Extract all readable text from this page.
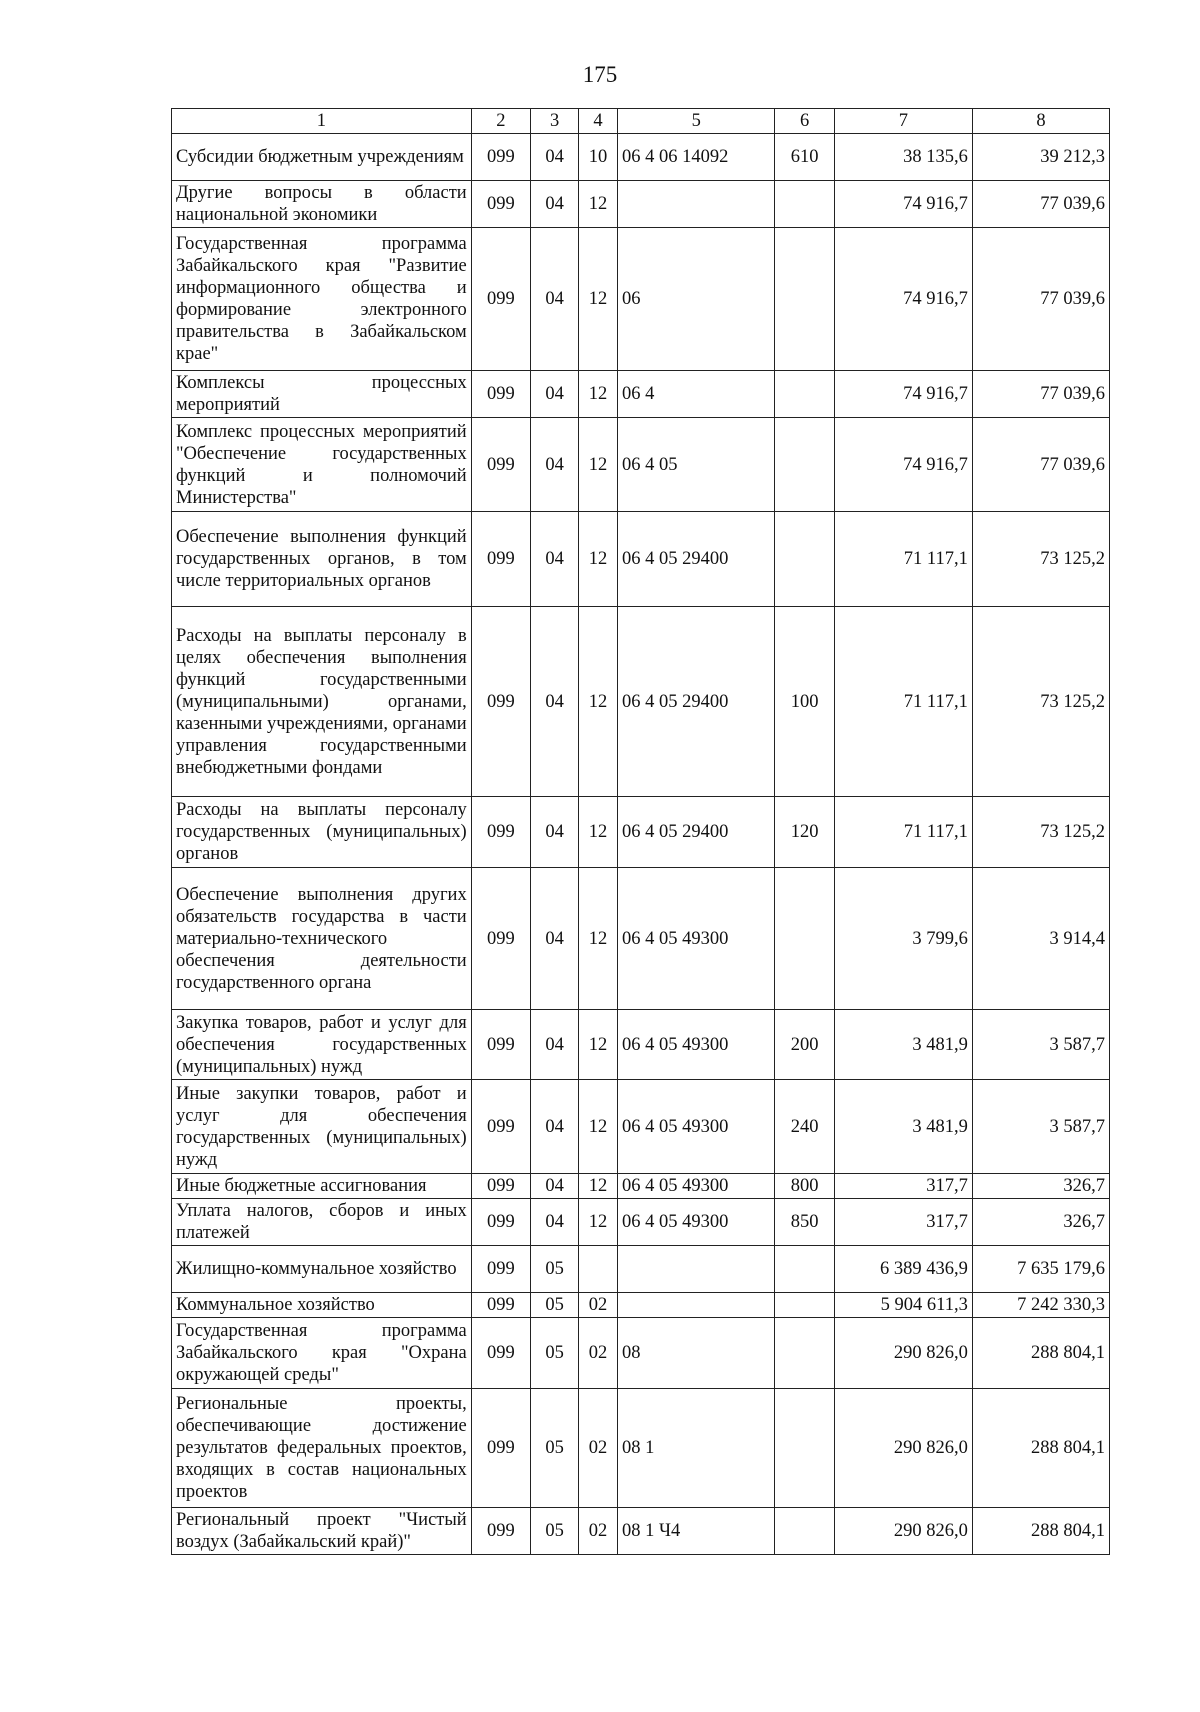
175
1	2	3	4	5	6	7	8
Субсидии бюджетным учреждениям	099	04	10	06 4 06 14092	610	38 135,6	39 212,3
Другие вопросы в области национальной экономики	099	04	12			74 916,7	77 039,6
Государственная программа Забайкальского края "Развитие информационного общества и формирование электронного правительства в Забайкальском крае"	099	04	12	06		74 916,7	77 039,6
Комплексы процессных мероприятий	099	04	12	06 4		74 916,7	77 039,6
Комплекс процессных мероприятий "Обеспечение государственных функций и полномочий Министерства"	099	04	12	06 4 05		74 916,7	77 039,6
Обеспечение выполнения функций государственных органов, в том числе территориальных органов	099	04	12	06 4 05 29400		71 117,1	73 125,2
Расходы на выплаты персоналу в целях обеспечения выполнения функций государственными (муниципальными) органами, казенными учреждениями, органами управления государственными внебюджетными фондами	099	04	12	06 4 05 29400	100	71 117,1	73 125,2
Расходы на выплаты персоналу государственных (муниципальных) органов	099	04	12	06 4 05 29400	120	71 117,1	73 125,2
Обеспечение выполнения других обязательств государства в части материально-технического обеспечения деятельности государственного органа	099	04	12	06 4 05 49300		3 799,6	3 914,4
Закупка товаров, работ и услуг для обеспечения государственных (муниципальных) нужд	099	04	12	06 4 05 49300	200	3 481,9	3 587,7
Иные закупки товаров, работ и услуг для обеспечения государственных (муниципальных) нужд	099	04	12	06 4 05 49300	240	3 481,9	3 587,7
Иные бюджетные ассигнования	099	04	12	06 4 05 49300	800	317,7	326,7
Уплата налогов, сборов и иных платежей	099	04	12	06 4 05 49300	850	317,7	326,7
Жилищно-коммунальное хозяйство	099	05				6 389 436,9	7 635 179,6
Коммунальное хозяйство	099	05	02			5 904 611,3	7 242 330,3
Государственная программа Забайкальского края "Охрана окружающей среды"	099	05	02	08		290 826,0	288 804,1
Региональные проекты, обеспечивающие достижение результатов федеральных проектов, входящих в состав национальных проектов	099	05	02	08 1		290 826,0	288 804,1
Региональный проект "Чистый воздух (Забайкальский край)"	099	05	02	08 1 Ч4		290 826,0	288 804,1
